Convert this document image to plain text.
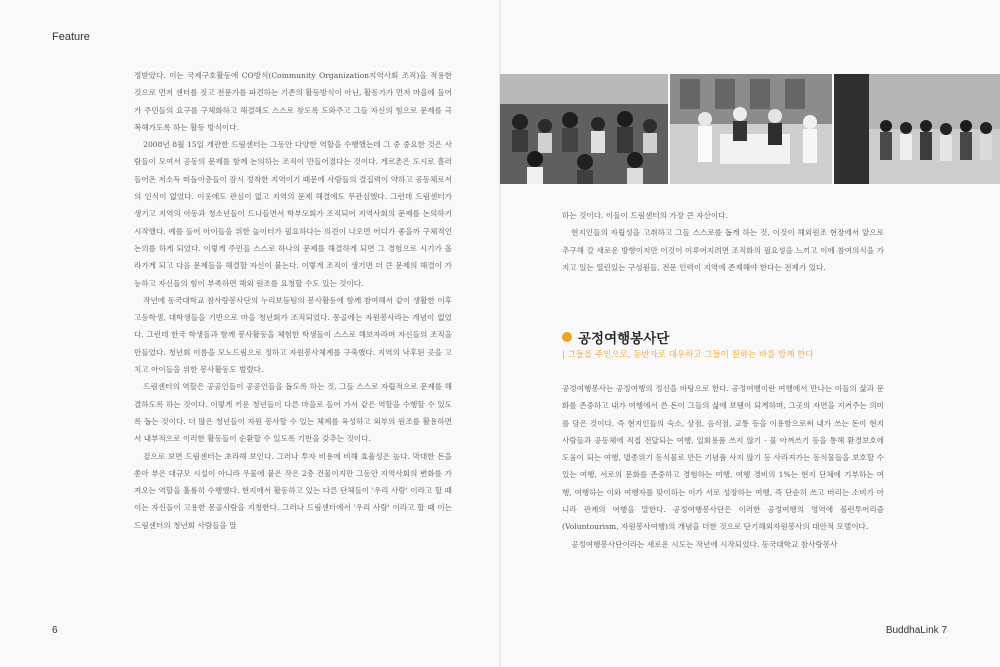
Feature

정받았다. 이는 국제구호활동에 CO방식(Community Organization지역사회 조직)을 적용한 것으로 먼저 센터를 짓고 전문가를 파견하는 기존의 활동방식이 아닌, 활동가가 먼저 마을에 들어가 주민들의 요구를 구체화하고 해결해도 스스로 찾도록 도와주고 그들 자신의 힘으로 문제를 극복해가도록 하는 활동 방식이다.

2008년 8월 15일 개관한 드림센터는 그동안 다양한 역할을 수행했는데 그 중 중요한 것은 사람들이 모여서 공동의 문제를 함께 논의하는 조직이 만들어졌다는 것이다. 게르촌은 도시로 흘러들어온 저소득 떠돌이층들이 잠시 정착한 지역이기 때문에 사람들의 결집력이 약하고 공동체로서의 인식이 없었다. 이웃에도 관심이 없고 지역의 문제 해결에도 무관심했다. 그런데 드림센터가 생기고 지역의 아동과 청소년들이 드나들면서 학부모회가 조직되어 지역사회의 문제를 논의하기 시작했다. 예를 들어 아이들을 위한 놀이터가 필요하다는 의견이 나오면 어디가 좋을까 구체적인 논의를 하게 되었다. 이렇게 주민들 스스로 하나의 문제를 해결하게 되면 그 경험으로 시기가 올라가게 되고 다음 문제들을 해결할 자신이 붙는다. 이렇게 조직이 생기면 더 큰 문제의 해결이 가능하고 자신들의 힘이 부족하면 해외 원조를 요청할 수도 있는 것이다.

작년에 동국대학교 참사랑봉사단의 누리보듬팀의 봉사활동에 함께 참여해서 같이 생활한 이후 고등학생, 대학생들을 기반으로 마을 청년회가 조직되었다. 몽골에는 자원봉사라는 개념이 없었다. 그런데 한국 학생들과 함께 봉사활동을 체험한 학생들이 스스로 해보자라며 자신들의 조직을 만들었다. 청년회 이름을 모노드림으로 정하고 자원봉사체계를 구축했다. 지역의 낙후된 곳을 고치고 아이들을 위한 봉사활동도 벌렸다.

드림센터의 역할은 공공인들이 공공인들을 돕도록 하는 것, 그들 스스로 자립적으로 문제를 해결하도록 하는 것이다. 이렇게 키운 청년들이 다른 마을로 들어 가서 같은 역할을 수행할 수 있도록 돕는 것이다. 더 많은 청년들이 자원 봉사할 수 있는 체제를 육성하고 외부의 원조를 활용하면서 내부적으로 이러한 활동들이 순환할 수 있도록 기반을 갖추는 것이다.

겉으로 보면 드림센터는 초라해 보인다. 그러나 투자 비용에 비해 효율성은 높다. 막대한 돈을 쏟아 부은 대규모 시설이 아니라 우물에 붙은 작은 2층 건물이지만 그동안 지역사회의 변화를 가져오는 역할을 훌륭히 수행했다. 현지에서 활동하고 있는 다른 단체들이 '우리 사람' 이라고 할 때 이는 자신들이 고용한 몽골사람을 지칭한다. 그러나 드림센터에서 '우리 사람' 이라고 할 때 이는 드림센터의 청년회 사람들을 말

하는 것이다. 이들이 드림센터의 가장 큰 자산이다.

현지인들의 자립성을 고취하고 그들 스스로를 돕게 하는 것, 이것이 해외원조 현장에서 앞으로 추구해 갈 새로운 방향이지만 이것이 이루어지려면 조직화의 필요성을 느끼고 이에 참여의식을 가지고 있는 열린있는 구성원들, 전문 인력이 지역에 존재해야 한다는 전제가 있다.

공정여행봉사단
| 그들을 주인으로, 동반자로 대우하고 그들이 원하는 바를 함께 한다

공정여행봉사는 공정여행의 정신을 바탕으로 한다. 공정여행이란 여행에서 만나는 이들의 삶과 문화를 존중하고 내가 여행에서 쓴 돈이 그들의 삶에 보탬이 되게하며, 그곳의 자연을 지켜주는 의미를 담은 것이다. 즉 현지인들의 숙소, 상점, 음식점, 교통 등을 이용함으로써 내가 쓰는 돈이 현지 사람들과 공동체에 직접 전달되는 여행, 일회용품 쓰지 않기 · 물 아껴쓰기 등을 통해 환경보호에 도움이 되는 여행, 멸종위기 동식물로 만든 기념품 사지 않기 등 사라져가는 동식물들을 보호할 수 있는 여행, 서로의 문화를 존중하고 경험하는 여행, 여행 경비의 1%는 현지 단체에 기부하는 여행, 여행하는 이와 여행자를 맞이하는 이가 서로 성장하는 여행, 즉 단순히 쓰고 버리는 소비가 아니라 관계의 여행을 말한다. 공정여행봉사단은 이러한 공정여행의 영역에 볼런투어리즘(Voluntourism, 자원봉사여행)의 개념을 더한 것으로 단기해외자원봉사의 대안적 모델이다.

공정여행봉사단이라는 새로운 시도는 작년에 시작되었다. 동국대학교 참사랑봉사

6	BuddhaLink 7
